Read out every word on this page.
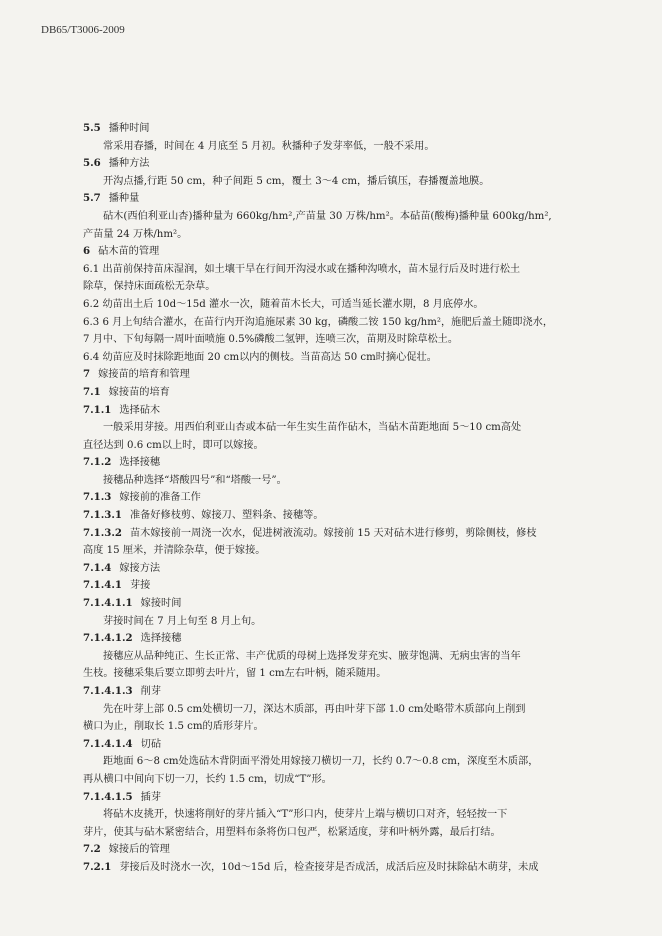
DB65/T3006-2009
5.5 播种时间
常采用春播，时间在 4 月底至 5 月初。秋播种子发芽率低，一般不采用。
5.6 播种方法
开沟点播,行距 50 cm，种子间距 5 cm，覆土 3～4 cm，播后镇压，春播覆盖地膜。
5.7 播种量
砧木(西伯利亚山杏)播种量为 660kg/hm²,产苗量 30 万株/hm²。本砧苗(酸梅)播种量 600kg/hm²,
产苗量 24 万株/hm²。
6 砧木苗的管理
6.1 出苗前保持苗床湿润，如土壤干旱在行间开沟浸水或在播种沟喷水，苗木显行后及时进行松土
除草，保持床面疏松无杂草。
6.2 幼苗出土后 10d～15d 灌水一次，随着苗木长大，可适当延长灌水期，8 月底停水。
6.3 6 月上旬结合灌水，在苗行内开沟追施尿素 30 kg，磷酸二铵 150 kg/hm²，施肥后盖土随即浇水，
7 月中、下旬每隔一周叶面喷施 0.5%磷酸二氢钾，连喷三次，苗期及时除草松土。
6.4 幼苗应及时抹除距地面 20 cm以内的侧枝。当苗高达 50 cm时摘心促壮。
7 嫁接苗的培育和管理
7.1 嫁接苗的培育
7.1.1 选择砧木
一般采用芽接。用西伯利亚山杏或本砧一年生实生苗作砧木，当砧木苗距地面 5～10 cm高处
直径达到 0.6 cm以上时，即可以嫁接。
7.1.2 选择接穗
接穗品种选择“塔酸四号”和“塔酸一号”。
7.1.3 嫁接前的准备工作
7.1.3.1 准备好修枝剪、嫁接刀、塑料条、接穗等。
7.1.3.2 苗木嫁接前一周浇一次水，促进树液流动。嫁接前 15 天对砧木进行修剪，剪除侧枝，修枝
高度 15 厘米，并清除杂草，便于嫁接。
7.1.4 嫁接方法
7.1.4.1 芽接
7.1.4.1.1 嫁接时间
芽接时间在 7 月上旬至 8 月上旬。
7.1.4.1.2 选择接穗
接穗应从品种纯正、生长正常、丰产优质的母树上选择发芽充实、腋芽饱满、无病虫害的当年
生枝。接穗采集后要立即剪去叶片，留 1 cm左右叶柄，随采随用。
7.1.4.1.3 削芽
先在叶芽上部 0.5 cm处横切一刀，深达木质部，再由叶芽下部 1.0 cm处略带木质部向上削到
横口为止，削取长 1.5 cm的盾形芽片。
7.1.4.1.4 切砧
距地面 6～8 cm处选砧木背阴面平滑处用嫁接刀横切一刀，长约 0.7～0.8 cm，深度至木质部，
再从横口中间向下切一刀，长约 1.5 cm，切成“T”形。
7.1.4.1.5 插芽
将砧木皮挑开，快速将削好的芽片插入“T”形口内，使芽片上端与横切口对齐，轻轻按一下
芽片，使其与砧木紧密结合，用塑料布条将伤口包严，松紧适度，芽和叶柄外露，最后打结。
7.2 嫁接后的管理
7.2.1 芽接后及时浇水一次，10d～15d 后，检查接芽是否成活，成活后应及时抹除砧木萌芽，未成
